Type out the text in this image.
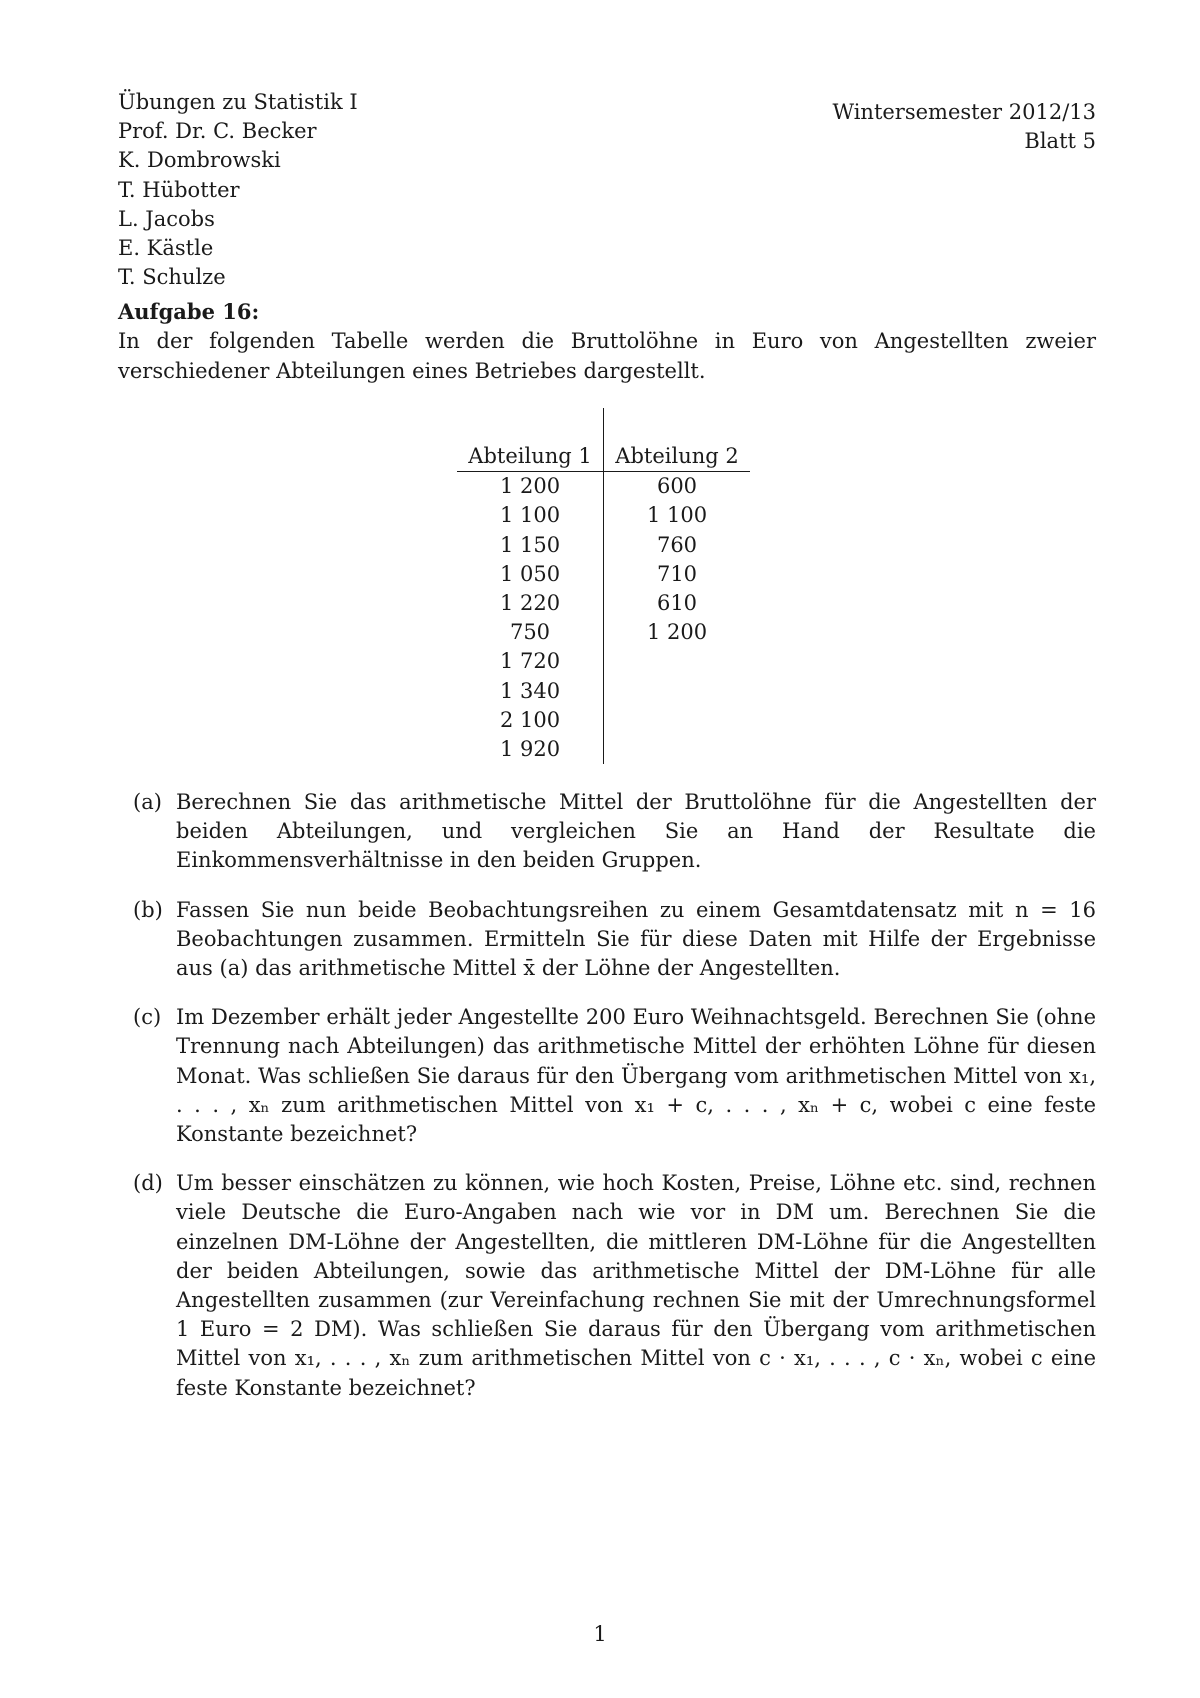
Übungen zu Statistik I
Prof. Dr. C. Becker
K. Dombrowski
T. Hübotter
L. Jacobs
E. Kästle
T. Schulze
Wintersemester 2012/13
Blatt 5
Aufgabe 16:
In der folgenden Tabelle werden die Bruttolöhne in Euro von Angestellten zweier verschiedener Abteilungen eines Betriebes dargestellt.

Abteilung 1	Abteilung 2
1 200	600
1 100	1 100
1 150	760
1 050	710
1 220	610
750	1 200
1 720	
1 340	
2 100	
1 920	
(a) Berechnen Sie das arithmetische Mittel der Bruttolöhne für die Angestellten der beiden Abteilungen, und vergleichen Sie an Hand der Resultate die Einkommensverhältnisse in den beiden Gruppen.
(b) Fassen Sie nun beide Beobachtungsreihen zu einem Gesamtdatensatz mit n = 16 Beobachtungen zusammen. Ermitteln Sie für diese Daten mit Hilfe der Ergebnisse aus (a) das arithmetische Mittel x̄ der Löhne der Angestellten.
(c) Im Dezember erhält jeder Angestellte 200 Euro Weihnachtsgeld. Berechnen Sie (ohne Trennung nach Abteilungen) das arithmetische Mittel der erhöhten Löhne für diesen Monat. Was schließen Sie daraus für den Übergang vom arithmetischen Mittel von x₁, . . . , xₙ zum arithmetischen Mittel von x₁ + c, . . . , xₙ + c, wobei c eine feste Konstante bezeichnet?
(d) Um besser einschätzen zu können, wie hoch Kosten, Preise, Löhne etc. sind, rechnen viele Deutsche die Euro-Angaben nach wie vor in DM um. Berechnen Sie die einzelnen DM-Löhne der Angestellten, die mittleren DM-Löhne für die Angestellten der beiden Abteilungen, sowie das arithmetische Mittel der DM-Löhne für alle Angestellten zusammen (zur Vereinfachung rechnen Sie mit der Umrechnungsformel 1 Euro = 2 DM). Was schließen Sie daraus für den Übergang vom arithmetischen Mittel von x₁, . . . , xₙ zum arithmetischen Mittel von c · x₁, . . . , c · xₙ, wobei c eine feste Konstante bezeichnet?
1
